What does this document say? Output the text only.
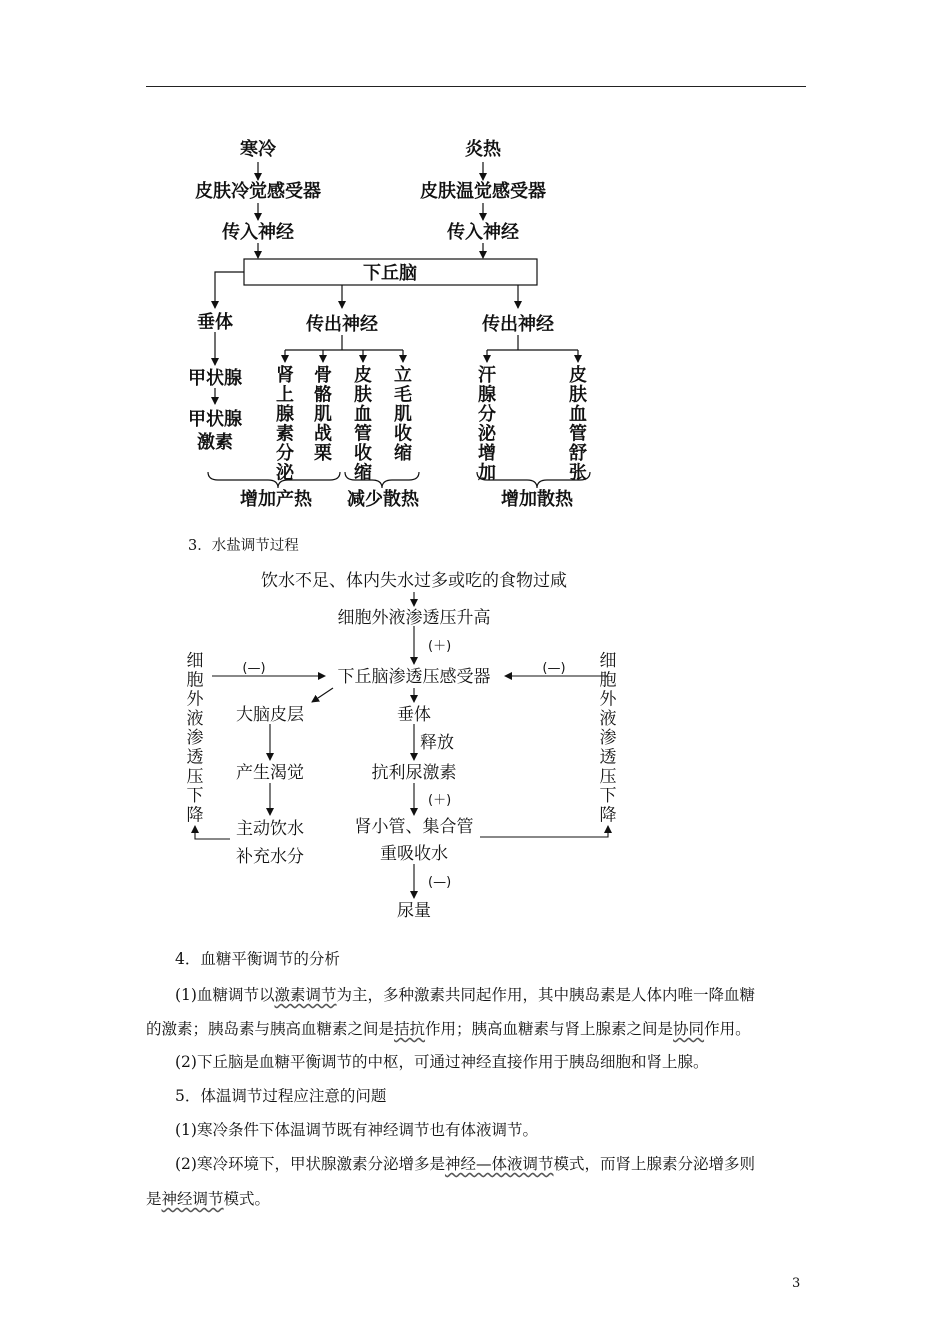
寒冷	炎热
皮肤冷觉感受器	皮肤温觉感受器
传入神经	传入神经
下丘脑
垂体	传出神经	传出神经
甲状腺
甲状腺
激素
增加产热 减少散热	增加散热
肾
上
腺
素
分
泌
骨
骼
肌
战
栗
皮
肤
血
管
收
缩
立
毛
肌
收
缩
汗
腺
分
泌
增
加
皮
肤
血
管
舒
张
饮水不足、体内失水过多或吃的食物过咸
细胞外液渗透压升高
(＋)
下丘脑渗透压感受器
(—)	(—)
大脑皮层	垂体
释放
产生渴觉	抗利尿激素
(＋)
主动饮水
补充水分
肾小管、集合管
重吸收水
(—)
尿量
细
胞
外
液
渗
透
压
下
降
细
胞
外
液
渗
透
压
下
降
3．水盐调节过程
4．血糖平衡调节的分析
(1)血糖调节以激素调节为主，多种激素共同起作用，其中胰岛素是人体内唯一降血糖
的激素；胰岛素与胰高血糖素之间是拮抗作用；胰高血糖素与肾上腺素之间是协同作用。
(2)下丘脑是血糖平衡调节的中枢，可通过神经直接作用于胰岛细胞和肾上腺。
5．体温调节过程应注意的问题
(1)寒冷条件下体温调节既有神经调节也有体液调节。
(2)寒冷环境下，甲状腺激素分泌增多是神经—体液调节模式，而肾上腺素分泌增多则
是神经调节模式。
3
